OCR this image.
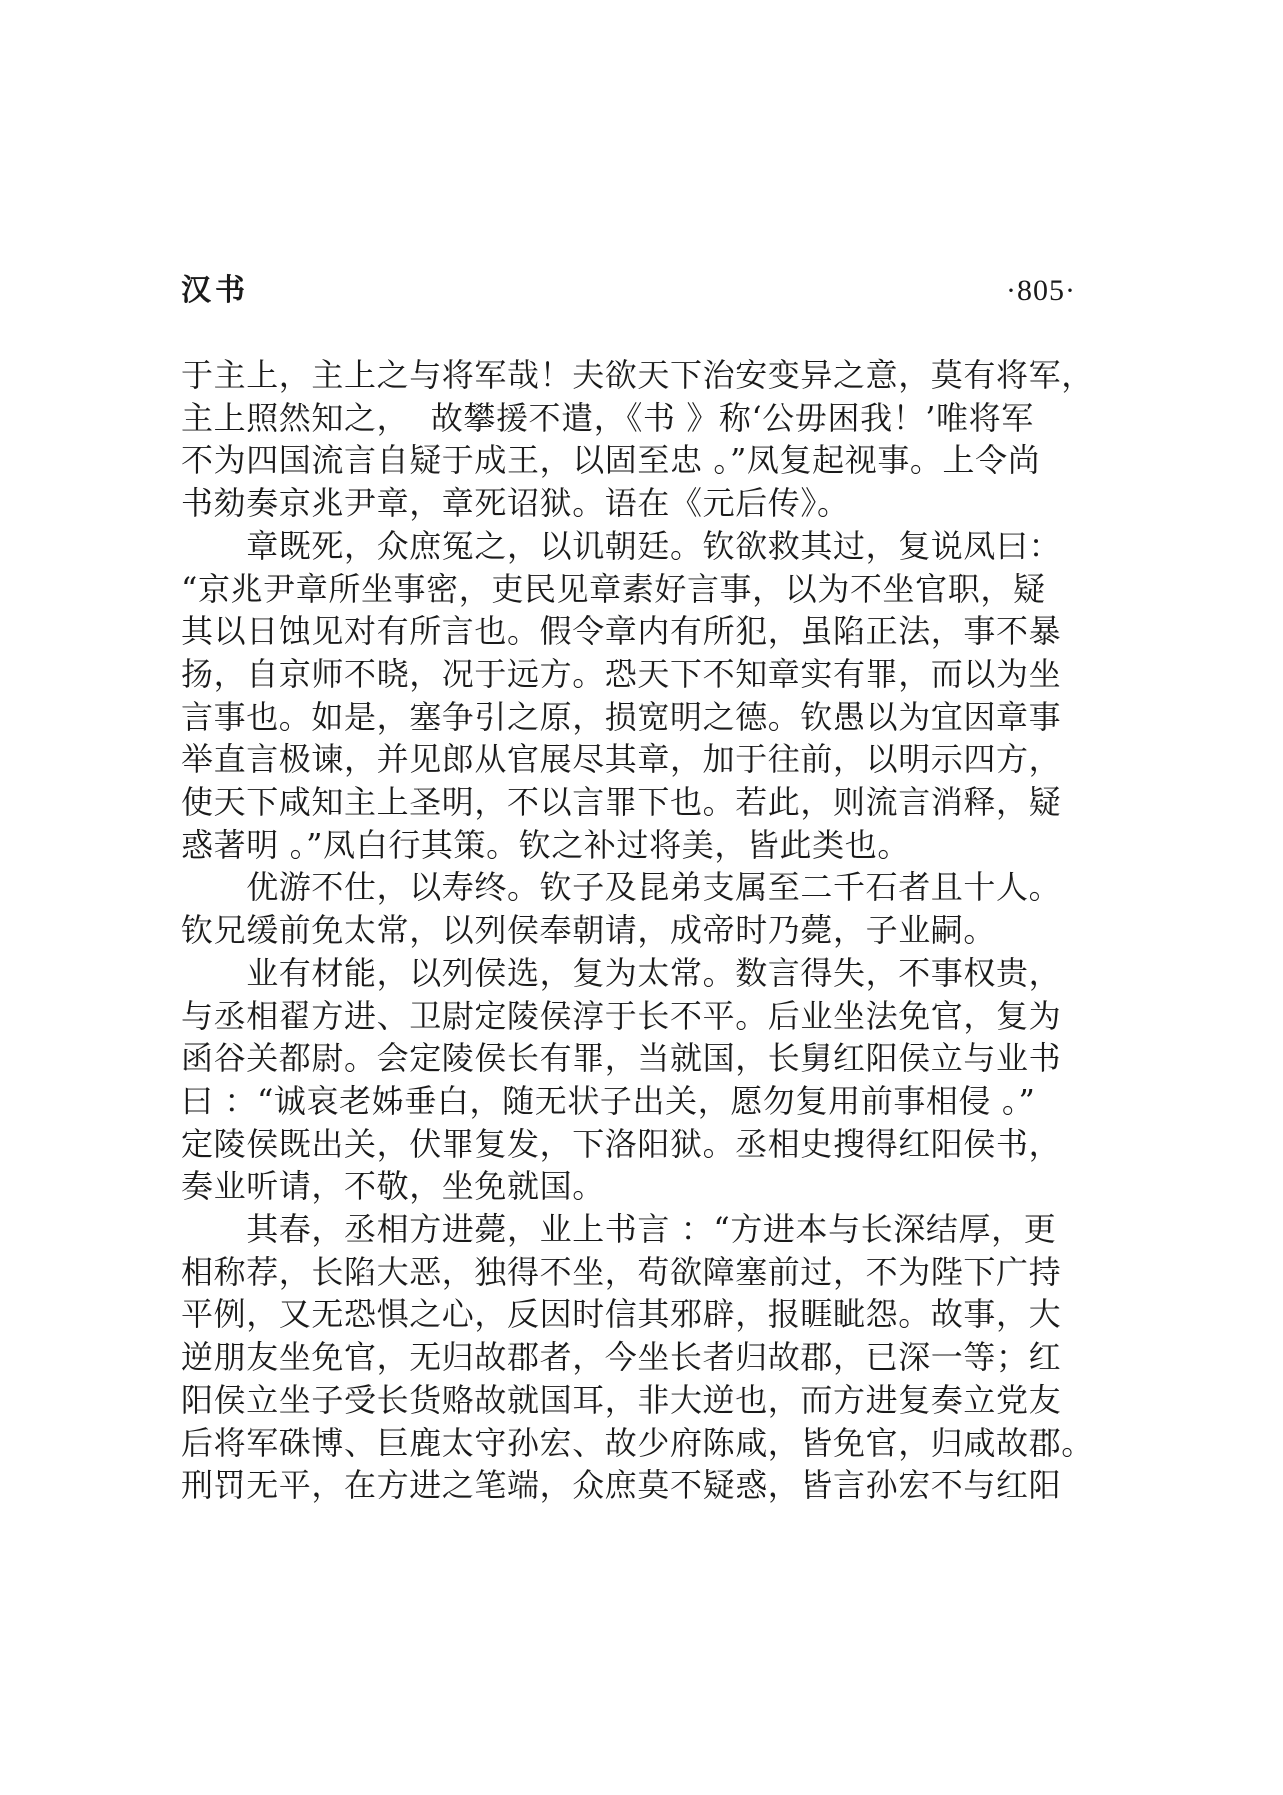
汉书	·805·
于主上，主上之与将军哉！夫欲天下治安变异之意，莫有将军，
主上照然知之，  故攀援不遣，《书 》称‘公毋困我！’唯将军
不为四国流言自疑于成王，以固至忠 。”凤复起视事。上令尚
书劾奏京兆尹章，章死诏狱。语在《元后传》。
　　章既死，众庶冤之，以讥朝廷。钦欲救其过，复说凤曰：
“京兆尹章所坐事密，吏民见章素好言事，以为不坐官职，疑
其以日蚀见对有所言也。假令章内有所犯，虽陷正法，事不暴
扬，自京师不晓，况于远方。恐天下不知章实有罪，而以为坐
言事也。如是，塞争引之原，损宽明之德。钦愚以为宜因章事
举直言极谏，并见郎从官展尽其章，加于往前，以明示四方，
使天下咸知主上圣明，不以言罪下也。若此，则流言消释，疑
惑著明 。”凤白行其策。钦之补过将美，皆此类也。
　　优游不仕，以寿终。钦子及昆弟支属至二千石者且十人。
钦兄缓前免太常，以列侯奉朝请，成帝时乃薨，子业嗣。
　　业有材能，以列侯选，复为太常。数言得失，不事权贵，
与丞相翟方进、卫尉定陵侯淳于长不平。后业坐法免官，复为
函谷关都尉。会定陵侯长有罪，当就国，长舅红阳侯立与业书
曰 ：“诚哀老姊垂白，随无状子出关，愿勿复用前事相侵 。”
定陵侯既出关，伏罪复发，下洛阳狱。丞相史搜得红阳侯书，
奏业听请，不敬，坐免就国。
　　其春，丞相方进薨，业上书言 ：“方进本与长深结厚，更
相称荐，长陷大恶，独得不坐，苟欲障塞前过，不为陛下广持
平例，又无恐惧之心，反因时信其邪辟，报睚眦怨。故事，大
逆朋友坐免官，无归故郡者，今坐长者归故郡，已深一等；红
阳侯立坐子受长货赂故就国耳，非大逆也，而方进复奏立党友
后将军硃博、巨鹿太守孙宏、故少府陈咸，皆免官，归咸故郡。
刑罚无平，在方进之笔端，众庶莫不疑惑，皆言孙宏不与红阳
